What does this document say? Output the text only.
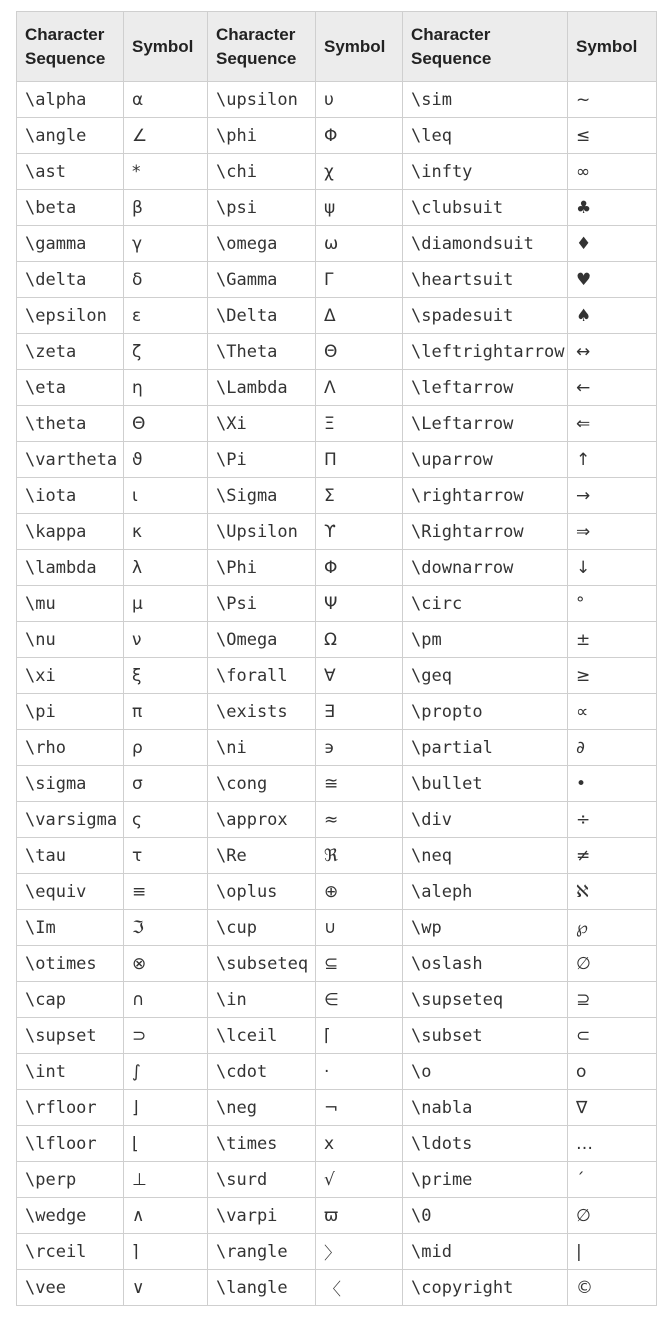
Character Sequence	Symbol	Character Sequence	Symbol	Character Sequence	Symbol
\alpha	α	\upsilon	υ	\sim	~
\angle	∠	\phi	Φ	\leq	≤
\ast	*	\chi	χ	\infty	∞
\beta	β	\psi	ψ	\clubsuit	♣
\gamma	γ	\omega	ω	\diamondsuit	♦
\delta	δ	\Gamma	Γ	\heartsuit	♥
\epsilon	ε	\Delta	Δ	\spadesuit	♠
\zeta	ζ	\Theta	Θ	\leftrightarrow	↔
\eta	η	\Lambda	Λ	\leftarrow	←
\theta	Θ	\Xi	Ξ	\Leftarrow	⇐
\vartheta	ϑ	\Pi	Π	\uparrow	↑
\iota	ι	\Sigma	Σ	\rightarrow	→
\kappa	κ	\Upsilon	ϒ	\Rightarrow	⇒
\lambda	λ	\Phi	Φ	\downarrow	↓
\mu	μ	\Psi	Ψ	\circ	°
\nu	ν	\Omega	Ω	\pm	±
\xi	ξ	\forall	∀	\geq	≥
\pi	π	\exists	∃	\propto	∝
\rho	ρ	\ni	϶	\partial	∂
\sigma	σ	\cong	≅	\bullet	•
\varsigma	ς	\approx	≈	\div	÷
\tau	τ	\Re	ℜ	\neq	≠
\equiv	≡	\oplus	⊕	\aleph	ℵ
\Im	ℑ	\cup	∪	\wp	℘
\otimes	⊗	\subseteq	⊆	\oslash	∅
\cap	∩	\in	∈	\supseteq	⊇
\supset	⊃	\lceil	⌈	\subset	⊂
\int	∫	\cdot	·	\o	ο
\rfloor	⌋	\neg	¬	\nabla	∇
\lfloor	⌊	\times	x	\ldots	…
\perp	⊥	\surd	√	\prime	´
\wedge	∧	\varpi	ϖ	\0	∅
\rceil	⌉	\rangle	〉	\mid	|
\vee	∨	\langle	〈	\copyright	©
